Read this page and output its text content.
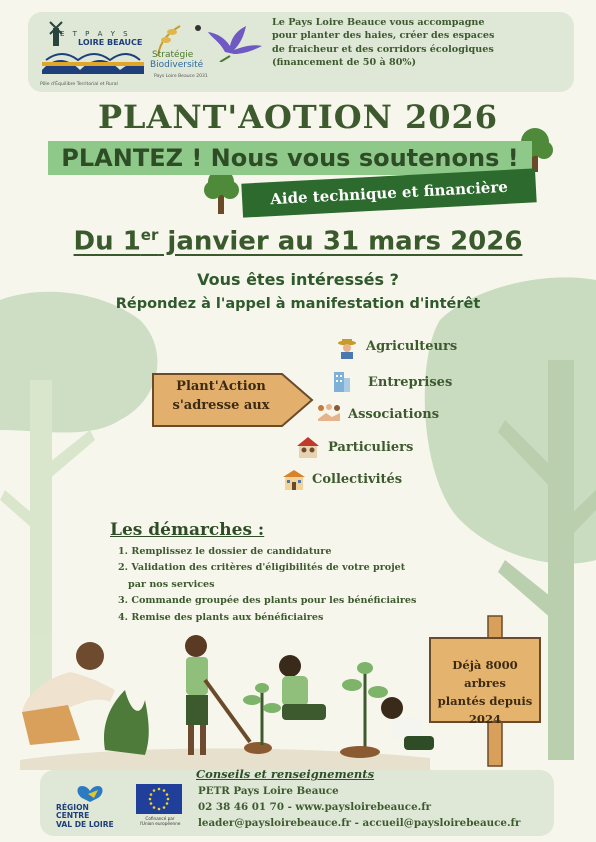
E T P A Y S
LOIRE BEAUCE
Pôle d'Équilibre Territorial et Rural
Stratégie
Biodiversité
Pays Loire Beauce 2031
Le Pays Loire Beauce vous accompagne
pour planter des haies, créer des espaces
de fraicheur et des corridors écologiques
(financement de 50 à 80%)
PLANT'AOTION 2026
PLANTEZ ! Nous vous soutenons !
Aide technique et financière
Du 1er janvier au 31 mars 2026
Vous êtes intéressés ?
Répondez à l'appel à manifestation d'intérêt
Plant'Action
s'adresse aux
Agriculteurs
Entreprises
Associations
Particuliers
Collectivités
Les démarches :
1. Remplissez le dossier de candidature
2. Validation des critères d'éligibilités de votre projet
par nos services
3. Commande groupée des plants pour les bénéficiaires
4. Remise des plants aux bénéficiaires
Déjà 8000 arbres
plantés depuis
2024
RÉGION
CENTRE
VAL DE LOIRE
Cofinancé par
l'Union européenne
Conseils et renseignements
PETR Pays Loire Beauce
02 38 46 01 70 - www.paysloirebeauce.fr
leader@paysloirebeauce.fr - accueil@paysloirebeauce.fr
